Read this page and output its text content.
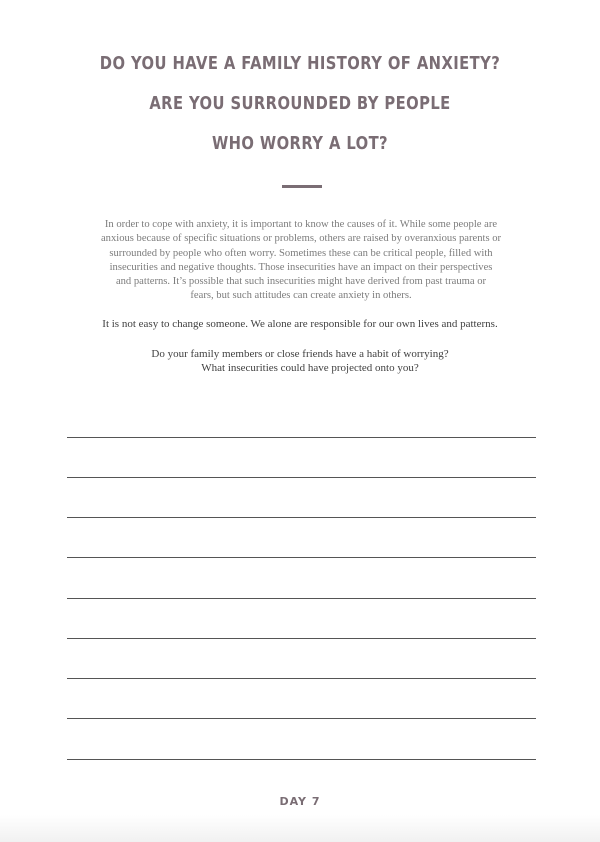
DO YOU HAVE A FAMILY HISTORY OF ANXIETY?
ARE YOU SURROUNDED BY PEOPLE
WHO WORRY A LOT?
In order to cope with anxiety, it is important to know the causes of it. While some people are
anxious because of specific situations or problems, others are raised by overanxious parents or
surrounded by people who often worry. Sometimes these can be critical people, filled with
insecurities and negative thoughts. Those insecurities have an impact on their perspectives
and patterns. It’s possible that such insecurities might have derived from past trauma or
fears, but such attitudes can create anxiety in others.
It is not easy to change someone. We alone are responsible for our own lives and patterns.
Do your family members or close friends have a habit of worrying?
What insecurities could have projected onto you?
DAY 7
